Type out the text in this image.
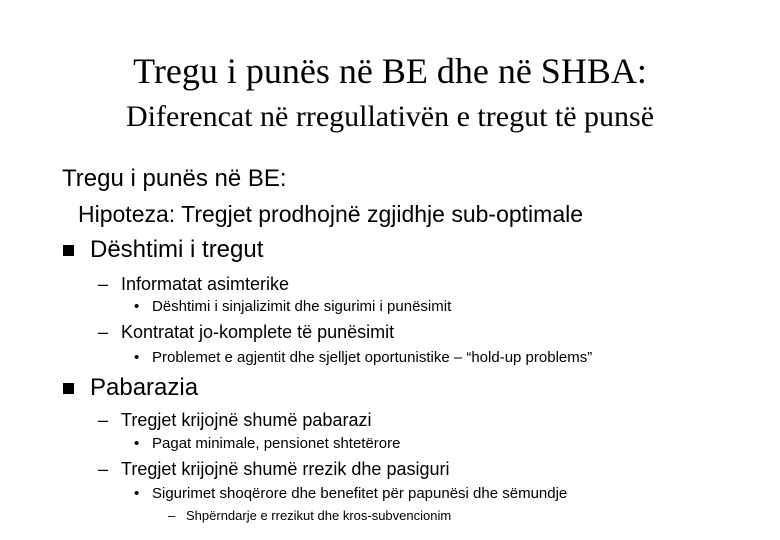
Tregu i punës në BE dhe në SHBA:
Diferencat në rregullativën e tregut të punsë
Tregu i punës në BE:
Hipoteza: Tregjet prodhojnë zgjidhje sub-optimale
Dështimi i tregut
– Informatat asimterike
• Dështimi i sinjalizimit dhe sigurimi i punësimit
– Kontratat jo-komplete të punësimit
• Problemet e agjentit dhe sjelljet oportunistike – “hold-up problems”
Pabarazia
– Tregjet krijojnë shumë pabarazi
• Pagat minimale, pensionet shtetërore
– Tregjet krijojnë shumë rrezik dhe pasiguri
• Sigurimet shoqërore dhe benefitet për papunësi dhe sëmundje
– Shpërndarje e rrezikut dhe kros-subvencionim
